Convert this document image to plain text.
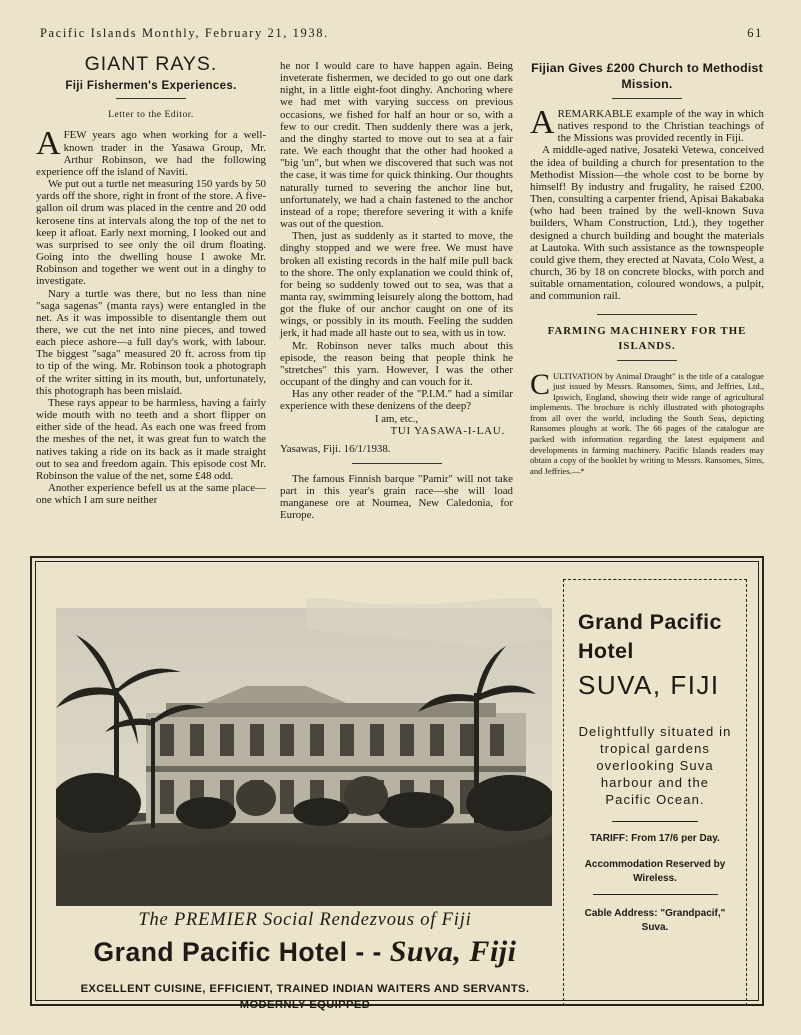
Pacific Islands Monthly, February 21, 1938.	61
GIANT RAYS.
Fiji Fishermen's Experiences.
Letter to the Editor.

AFEW years ago when working for a well-known trader in the Yasawa Group, Mr. Arthur Robinson, we had the following experience off the island of Naviti.

We put out a turtle net measuring 150 yards by 50 yards off the shore, right in front of the store. A five-gallon oil drum was placed in the centre and 20 odd kerosene tins at intervals along the top of the net to keep it afloat. Early next morning, I looked out and was surprised to see only the oil drum floating. Going into the dwelling house I awoke Mr. Robinson and together we went out in a dinghy to investigate.

Nary a turtle was there, but no less than nine "saga sagenas" (manta rays) were entangled in the net. As it was impossible to disentangle them out there, we cut the net into nine pieces, and towed each piece ashore—a full day's work, with labour. The biggest "saga" measured 20 ft. across from tip to tip of the wing. Mr. Robinson took a photograph of the writer sitting in its mouth, but, unfortunately, this photograph has been mislaid.

These rays appear to be harmless, having a fairly wide mouth with no teeth and a short flipper on either side of the head. As each one was freed from the meshes of the net, it was great fun to watch the natives taking a ride on its back as it made straight out to sea and freedom again. This episode cost Mr. Robinson the value of the net, some £48 odd.

Another experience befell us at the same place—one which I am sure neither

he nor I would care to have happen again. Being inveterate fishermen, we decided to go out one dark night, in a little eight-foot dinghy. Anchoring where we had met with varying success on previous occasions, we fished for half an hour or so, with a few to our credit. Then suddenly there was a jerk, and the dinghy started to move out to sea at a fair rate. We each thought that the other had hooked a "big 'un", but when we discovered that such was not the case, it was time for quick thinking. Our thoughts naturally turned to severing the anchor line but, unfortunately, we had a chain fastened to the anchor instead of a rope; therefore severing it with a knife was out of the question.

Then, just as suddenly as it started to move, the dinghy stopped and we were free. We must have broken all existing records in the half mile pull back to the shore. The only explanation we could think of, for being so suddenly towed out to sea, was that a manta ray, swimming leisurely along the bottom, had got the fluke of our anchor caught on one of its wings, or possibly in its mouth. Feeling the sudden jerk, it had made all haste out to sea, with us in tow.

Mr. Robinson never talks much about this episode, the reason being that people think he "stretches" this yarn. However, I was the other occupant of the dinghy and can vouch for it.

Has any other reader of the "P.I.M." had a similar experience with these denizens of the deep?

I am, etc.,
TUI YASAWA-I-LAU.

Yasawas, Fiji. 16/1/1938.

The famous Finnish barque "Pamir" will not take part in this year's grain race—she will load manganese ore at Noumea, New Caledonia, for Europe.

Fijian Gives £200 Church to Methodist Mission.

AREMARKABLE example of the way in which natives respond to the Christian teachings of the Missions was provided recently in Fiji.

A middle-aged native, Josateki Vetewa, conceived the idea of building a church for presentation to the Methodist Mission—the whole cost to be borne by himself! By industry and frugality, he raised £200. Then, consulting a carpenter friend, Apisai Bakabaka (who had been trained by the well-known Suva builders, Wham Construction, Ltd.), they together designed a church building and bought the materials at Lautoka. With such assistance as the townspeople could give them, they erected at Navata, Colo West, a church, 36 by 18 on concrete blocks, with porch and suitable ornamentation, coloured wondows, a pulpit, and communion rail.

FARMING MACHINERY FOR THE ISLANDS.

CULTIVATION by Animal Draught" is the title of a catalogue just issued by Messrs. Ransomes, Sims, and Jeffries, Ltd., Ipswich, England, showing their wide range of agricultural implements. The brochure is richly illustrated with photographs from all over the world, including the South Seas, depicting Ransomes ploughs at work. The 66 pages of the catalogue are packed with information regarding the latest equipment and developments in farming machinery. Pacific Islands readers may obtain a copy of the booklet by writing to Messrs. Ransomes, Sims, and Jeffries.—*

Grand Pacific Hotel
SUVA, FIJI
Delightfully situated in tropical gardens overlooking Suva harbour and the Pacific Ocean.
TARIFF: From 17/6 per Day.
Accommodation Reserved by Wireless.
Cable Address: "Grandpacif," Suva.
The PREMIER Social Rendezvous of Fiji
Grand Pacific Hotel - - Suva, Fiji
EXCELLENT CUISINE, EFFICIENT, TRAINED INDIAN WAITERS AND SERVANTS.
MODERNLY EQUIPPED
